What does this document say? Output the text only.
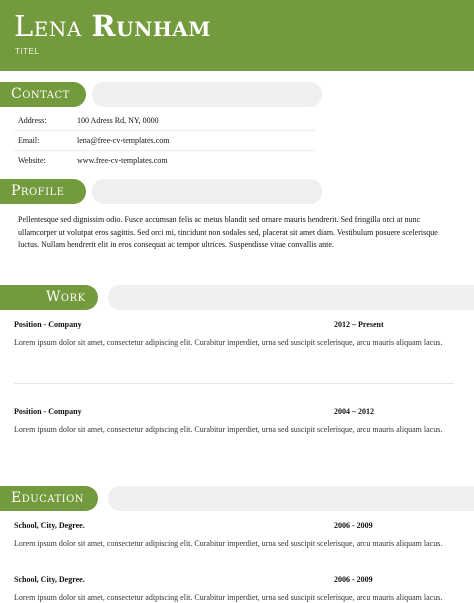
Lena Runham
TITEL
Contact
Address:	100 Adress Rd, NY, 0000
Email:	lena@free-cv-templates.com
Website:	www.free-cv-templates.com
Profile
Pellentesque sed dignissim odio. Fusce accumsan felis ac metus blandit sed ornare mauris hendrerit. Sed fringilla orci at nunc ullamcorper ut volutpat eros sagittis. Sed orci mi, tincidunt non sodales sed, placerat sit amet diam. Vestibulum posuere scelerisque luctus. Nullam hendrerit elit in eros consequat ac tempor ultrices. Suspendisse vitae convallis ante.
Work
Position - Company	2012 – Present
Lorem ipsum dolor sit amet, consectetur adipiscing elit. Curabitur imperdiet, urna sed suscipit scelerisque, arcu mauris aliquam lacus.
Position - Company	2004 – 2012
Lorem ipsum dolor sit amet, consectetur adipiscing elit. Curabitur imperdiet, urna sed suscipit scelerisque, arcu mauris aliquam lacus.
Education
School, City, Degree.	2006 - 2009
Lorem ipsum dolor sit amet, consectetur adipiscing elit. Curabitur imperdiet, urna sed suscipit scelerisque, arcu mauris aliquam lacus.
School, City, Degree.	2006 - 2009
Lorem ipsum dolor sit amet, consectetur adipiscing elit. Curabitur imperdiet, urna sed suscipit scelerisque, arcu mauris aliquam lacus.
